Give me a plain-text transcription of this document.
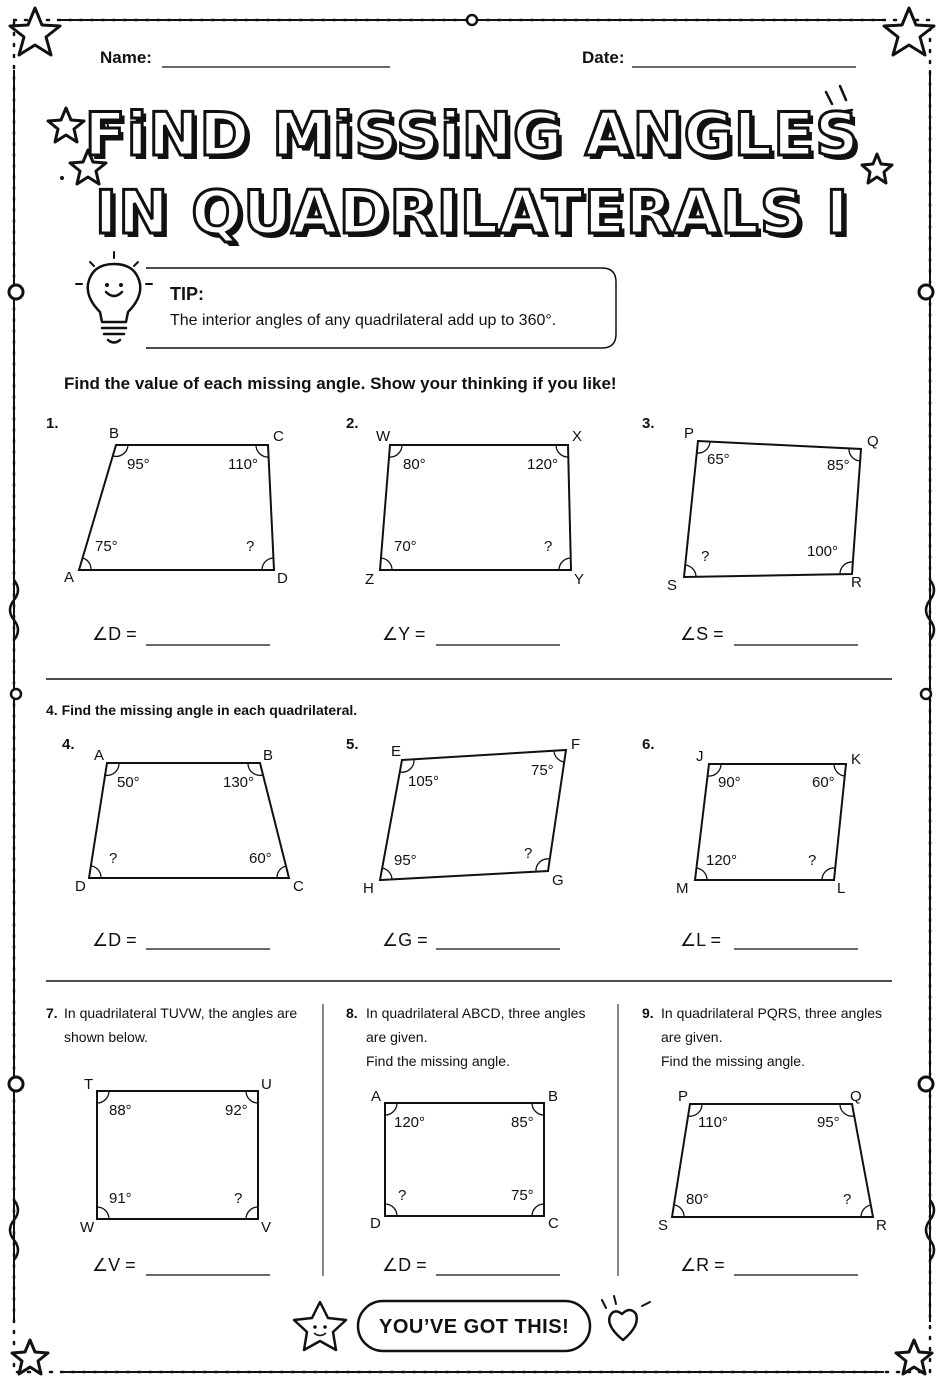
Name:	Date:
FiND MiSSiNG ANGLES
IN QUADRILATERALS I
TIP:
The interior angles of any quadrilateral add up to 360°.
Find the value of each missing angle. Show your thinking if you like!
4. Find the missing angle in each quadrilateral.
1.
B	C
A	D
95°	110°
75°	?
∠D =
2.
W	X
Z	Y
80°	120°
70°	?
∠Y =
3.
P	Q
S	R
65°	85°
?	100°
∠S =
4.
A	B
D	C
50°	130°
?	60°
∠D =
5. E	F
H	G
105°
75°
95°	?
∠G =
6.
J	K
M	L
90°	60°
120°	?
∠L =
7. In quadrilateral TUVW, the angles are
shown below.
T	U
W	V
88°	92°
91°	?
∠V =
8. In quadrilateral ABCD, three angles
are given.
Find the missing angle.
A	B
D	C
120°	85°
?	75°
∠D =
9. In quadrilateral PQRS, three angles
are given.
Find the missing angle.
P	Q
S	R
110°	95°
80°	?
∠R =
YOU’VE GOT THIS!
